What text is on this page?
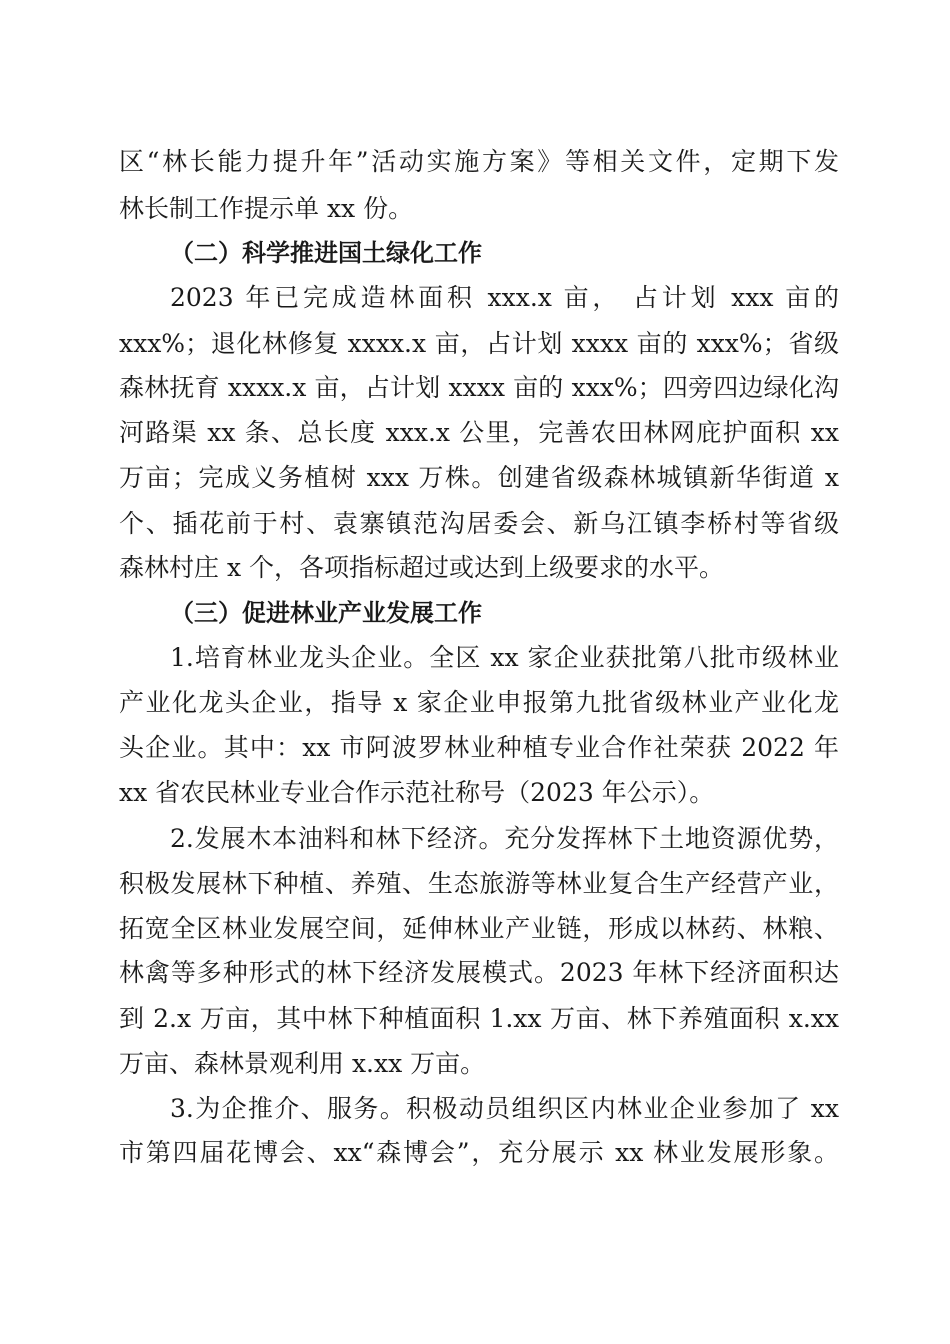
区“林长能力提升年”活动实施方案》等相关文件，定期下发
林长制工作提示单 xx 份。
（二）科学推进国土绿化工作
2023 年已完成造林面积 xxx.x 亩， 占计划 xxx 亩的
xxx%；退化林修复 xxxx.x 亩，占计划 xxxx 亩的 xxx%；省级
森林抚育 xxxx.x 亩，占计划 xxxx 亩的 xxx%；四旁四边绿化沟
河路渠 xx 条、总长度 xxx.x 公里，完善农田林网庇护面积 xx
万亩；完成义务植树 xxx 万株。创建省级森林城镇新华街道 x
个、插花前于村、袁寨镇范沟居委会、新乌江镇李桥村等省级
森林村庄 x 个，各项指标超过或达到上级要求的水平。
（三）促进林业产业发展工作
1.培育林业龙头企业。全区 xx 家企业获批第八批市级林业
产业化龙头企业，指导 x 家企业申报第九批省级林业产业化龙
头企业。其中：xx 市阿波罗林业种植专业合作社荣获 2022 年
xx 省农民林业专业合作示范社称号（2023 年公示）。
2.发展木本油料和林下经济。充分发挥林下土地资源优势，
积极发展林下种植、养殖、生态旅游等林业复合生产经营产业，
拓宽全区林业发展空间，延伸林业产业链，形成以林药、林粮、
林禽等多种形式的林下经济发展模式。2023 年林下经济面积达
到 2.x 万亩，其中林下种植面积 1.xx 万亩、林下养殖面积 x.xx
万亩、森林景观利用 x.xx 万亩。
3.为企推介、服务。积极动员组织区内林业企业参加了 xx
市第四届花博会、xx“森博会”，充分展示 xx 林业发展形象。
